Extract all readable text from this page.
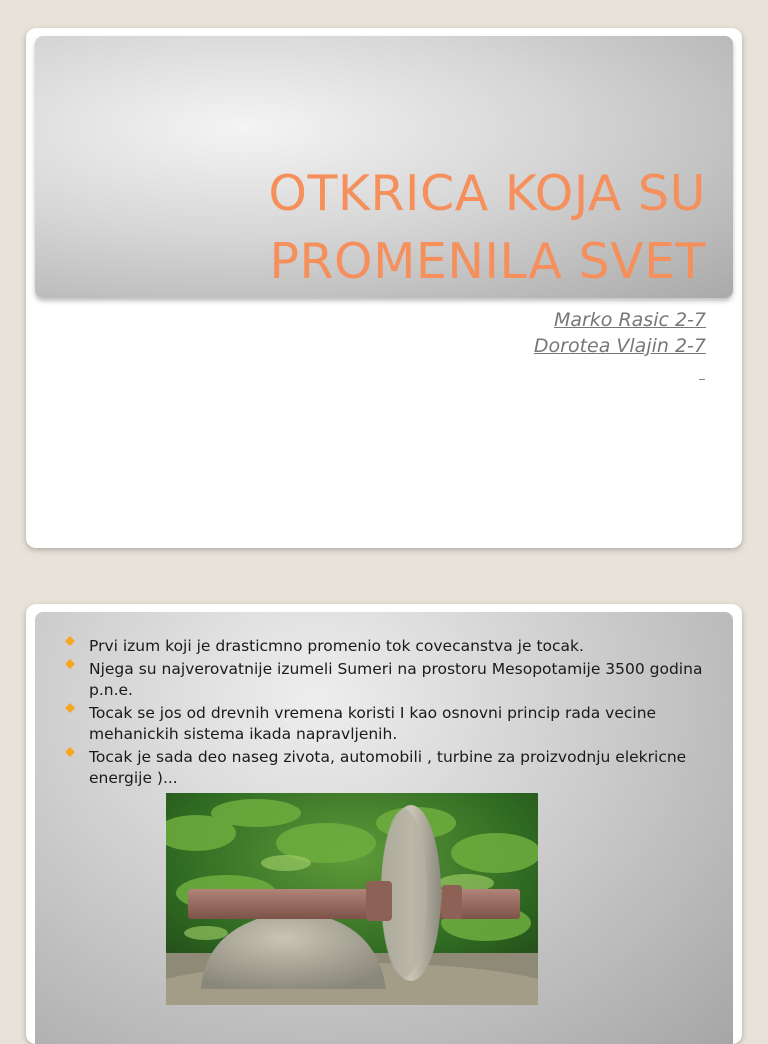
OTKRICA KOJA SU
PROMENILA SVET
Marko Rasic 2-7
Dorotea Vlajin 2-7
Prvi izum koji je drasticmno promenio tok covecanstva je tocak.
Njega su najverovatnije izumeli Sumeri na prostoru Mesopotamije 3500 godina p.n.e.
Tocak se jos od drevnih vremena koristi I kao osnovni princip rada vecine mehanickih sistema ikada napravljenih.
Tocak je sada deo naseg zivota, automobili , turbine za proizvodnju elekricne energije )...
